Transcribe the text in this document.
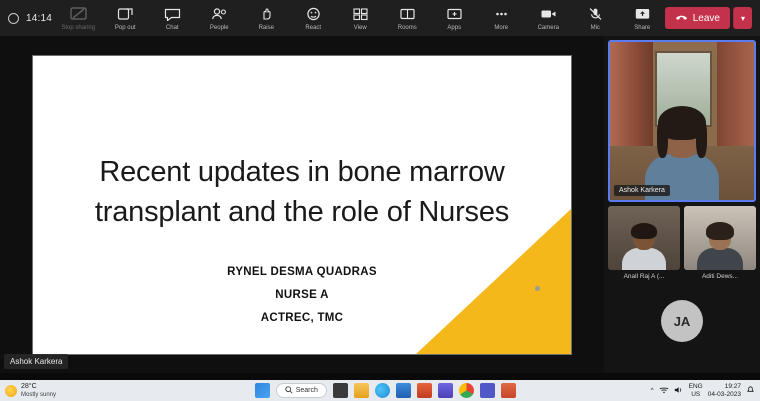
14:14
Stop sharing	Pop out	Chat	People	Raise	React	View	Rooms	Apps	More	Camera	Mic	Share
Leave	▾
Recent updates in bone marrow transplant and the role of Nurses
RYNEL DESMA QUADRAS
NURSE A
ACTREC, TMC
Ashok Karkera
Ashok Karkera
Anall Raj A (...	Aditi Dews...
JA
28°C
Mostly sunny
Search	^
ENG
US
19:27
04-03-2023
